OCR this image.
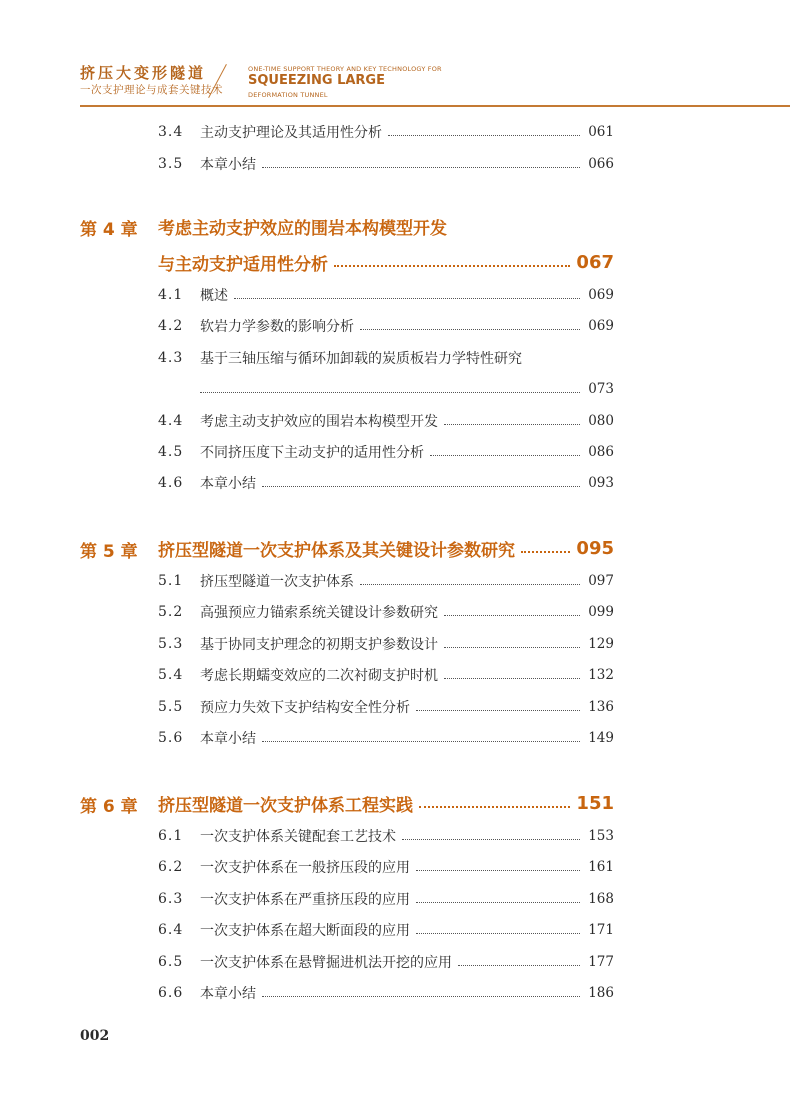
挤压大变形隧道
一次支护理论与成套关键技术
ONE-TIME SUPPORT THEORY AND KEY TECHNOLOGY FOR
SQUEEZING LARGE
DEFORMATION TUNNEL
3.4	主动支护理论及其适用性分析	061
3.5	本章小结	066
第 4 章 考虑主动支护效应的围岩本构模型开发
与主动支护适用性分析	067
4.1	概述	069
4.2	软岩力学参数的影响分析	069
4.3	基于三轴压缩与循环加卸载的炭质板岩力学特性研究
073
4.4	考虑主动支护效应的围岩本构模型开发	080
4.5	不同挤压度下主动支护的适用性分析	086
4.6	本章小结	093
第 5 章 挤压型隧道一次支护体系及其关键设计参数研究	095
5.1	挤压型隧道一次支护体系	097
5.2	高强预应力锚索系统关键设计参数研究	099
5.3	基于协同支护理念的初期支护参数设计	129
5.4	考虑长期蠕变效应的二次衬砌支护时机	132
5.5	预应力失效下支护结构安全性分析	136
5.6	本章小结	149
第 6 章 挤压型隧道一次支护体系工程实践	151
6.1	一次支护体系关键配套工艺技术	153
6.2	一次支护体系在一般挤压段的应用	161
6.3	一次支护体系在严重挤压段的应用	168
6.4	一次支护体系在超大断面段的应用	171
6.5	一次支护体系在悬臂掘进机法开挖的应用	177
6.6	本章小结	186
002
